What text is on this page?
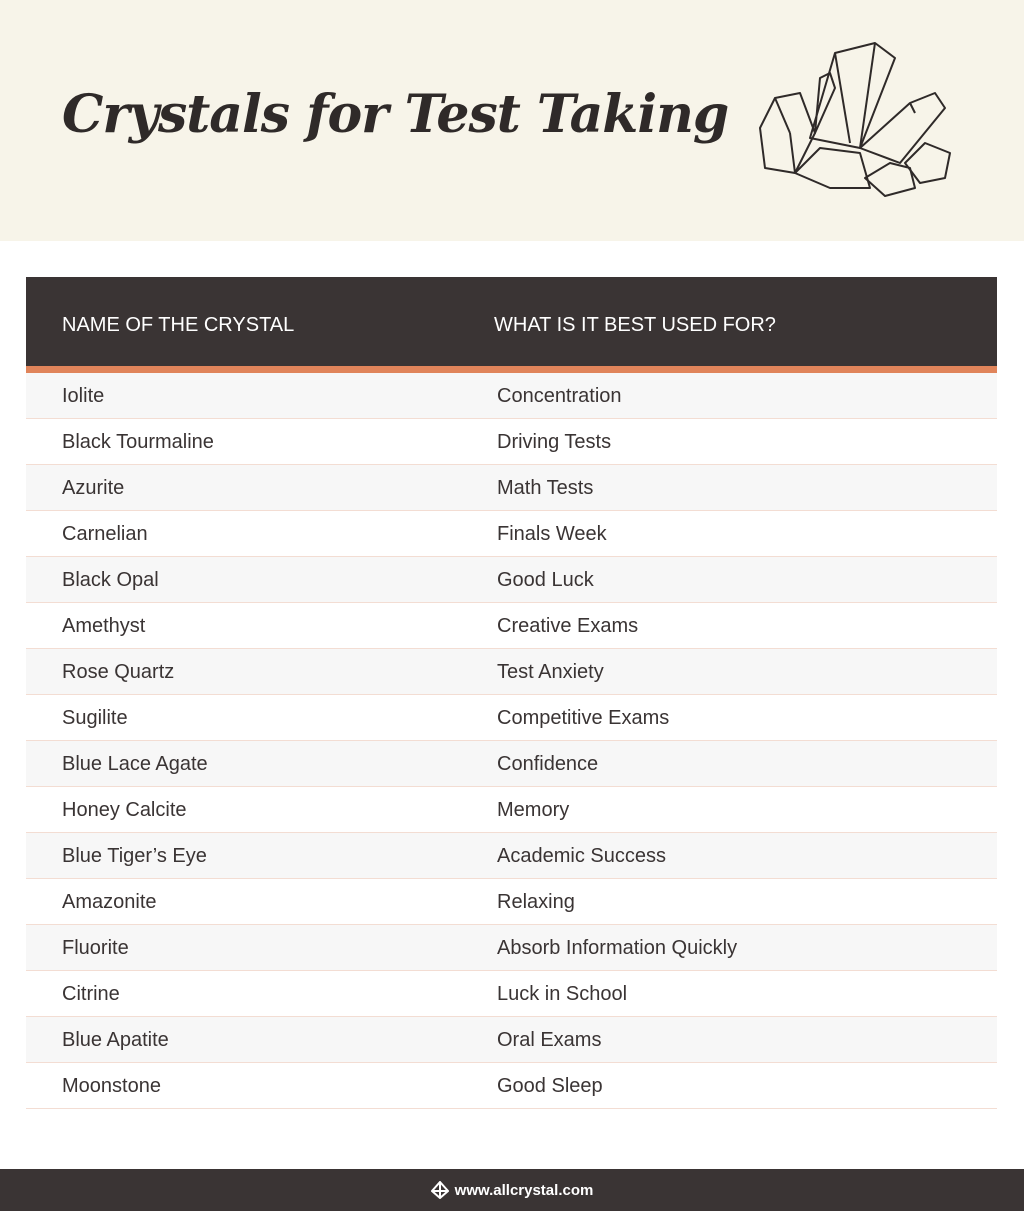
Crystals for Test Taking
NAME OF THE CRYSTAL	WHAT IS IT BEST USED FOR?
Iolite	Concentration
Black Tourmaline	Driving Tests
Azurite	Math Tests
Carnelian	Finals Week
Black Opal	Good Luck
Amethyst	Creative Exams
Rose Quartz	Test Anxiety
Sugilite	Competitive Exams
Blue Lace Agate	Confidence
Honey Calcite	Memory
Blue Tiger’s Eye	Academic Success
Amazonite	Relaxing
Fluorite	Absorb Information Quickly
Citrine	Luck in School
Blue Apatite	Oral Exams
Moonstone	Good Sleep
www.allcrystal.com
